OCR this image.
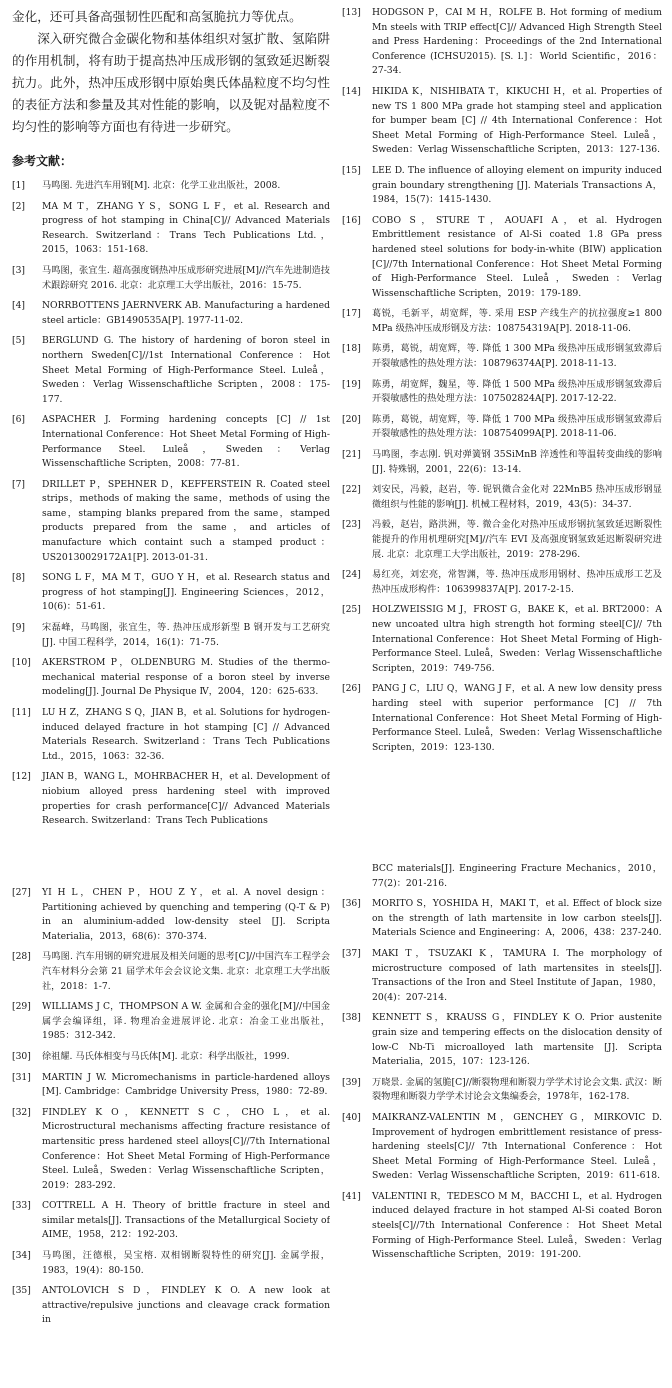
金化，还可具备高强韧性匹配和高氢脆抗力等优点。

深入研究微合金碳化物和基体组织对氢扩散、氢陷阱的作用机制，将有助于提高热冲压成形钢的氢致延迟断裂抗力。此外，热冲压成形钢中原始奥氏体晶粒度不均匀性的表征方法和参量及其对性能的影响，以及铌对晶粒度不均匀性的影响等方面也有待进一步研究。

参考文献：
[1]	马鸣图. 先进汽车用钢[M]. 北京：化学工业出版社，2008.
[2]	MA M T，ZHANG Y S，SONG L F，et al. Research and progress of hot stamping in China[C]// Advanced Materials Research. Switzerland：Trans Tech Publications Ltd.，2015，1063：151-168.
[3]	马鸣图，张宜生. 超高强度钢热冲压成形研究进展[M]//汽车先进制造技术跟踪研究 2016. 北京：北京理工大学出版社，2016：15-75.
[4]	NORRBOTTENS JAERNVERK AB. Manufacturing a hardened steel article：GB1490535A[P]. 1977-11-02.
[5]	BERGLUND G. The history of hardening of boron steel in northern Sweden[C]//1st International Conference：Hot Sheet Metal Forming of High-Performance Steel. Luleå，Sweden：Verlag Wissenschaftliche Scripten，2008：175-177.
[6]	ASPACHER J. Forming hardening concepts [C] // 1st International Conference：Hot Sheet Metal Forming of High-Performance Steel. Luleå，Sweden：Verlag Wissenschaftliche Scripten，2008：77-81.
[7]	DRILLET P，SPEHNER D，KEFFERSTEIN R. Coated steel strips，methods of making the same，methods of using the same，stamping blanks prepared from the same，stamped products prepared from the same，and articles of manufacture which containt such a stamped product：US20130029172A1[P]. 2013-01-31.
[8]	SONG L F，MA M T，GUO Y H，et al. Research status and progress of hot stamping[J]. Engineering Sciences，2012，10(6)：51-61.
[9]	宋磊峰，马鸣图，张宜生，等. 热冲压成形新型 B 钢开发与工艺研究[J]. 中国工程科学，2014，16(1)：71-75.
[10]	AKERSTROM P，OLDENBURG M. Studies of the thermo-mechanical material response of a boron steel by inverse modeling[J]. Journal De Physique Ⅳ，2004，120：625-633.
[11]	LU H Z，ZHANG S Q，JIAN B，et al. Solutions for hydrogen-induced delayed fracture in hot stamping [C] // Advanced Materials Research. Switzerland：Trans Tech Publications Ltd.，2015，1063：32-36.
[12]	JIAN B，WANG L，MOHRBACHER H，et al. Development of niobium alloyed press hardening steel with improved properties for crash performance[C]// Advanced Materials Research. Switzerland：Trans Tech Publications
[13]	HODGSON P，CAI M H，ROLFE B. Hot forming of medium Mn steels with TRIP effect[C]// Advanced High Strength Steel and Press Hardening：Proceedings of the 2nd International Conference (ICHSU2015). [S. l.]：World Scientific，2016：27-34.
[14]	HIKIDA K，NISHIBATA T，KIKUCHI H，et al. Properties of new TS 1 800 MPa grade hot stamping steel and application for bumper beam [C] // 4th International Conference：Hot Sheet Metal Forming of High-Performance Steel. Luleå，Sweden：Verlag Wissenschaftliche Scripten，2013：127-136.
[15]	LEE D. The influence of alloying element on impurity induced grain boundary strengthening [J]. Materials Transactions A，1984，15(7)：1415-1430.
[16]	COBO S，STURE T，AOUAFI A，et al. Hydrogen Embrittlement resistance of Al-Si coated 1.8 GPa press hardened steel solutions for body-in-white (BIW) application [C]//7th International Conference：Hot Sheet Metal Forming of High-Performance Steel. Luleå，Sweden：Verlag Wissenschaftliche Scripten，2019：179-189.
[17]	葛锐，毛新平，胡宽辉，等. 采用 ESP 产线生产的抗拉强度≥1 800 MPa 级热冲压成形钢及方法：108754319A[P]. 2018-11-06.
[18]	陈勇，葛锐，胡宽辉，等. 降低 1 300 MPa 级热冲压成形钢氢致滞后开裂敏感性的热处理方法：108796374A[P]. 2018-11-13.
[19]	陈勇，胡宽辉，魏星，等. 降低 1 500 MPa 级热冲压成形钢氢致滞后开裂敏感性的热处理方法：107502824A[P]. 2017-12-22.
[20]	陈勇，葛锐，胡宽辉，等. 降低 1 700 MPa 级热冲压成形钢氢致滞后开裂敏感性的热处理方法：108754099A[P]. 2018-11-06.
[21]	马鸣图，李志刚. 钒对弹簧钢 35SiMnB 淬透性和等温转变曲线的影响[J]. 特殊钢，2001，22(6)：13-14.
[22]	刘安民，冯毅，赵岩，等. 铌钒微合金化对 22MnB5 热冲压成形钢显微组织与性能的影响[J]. 机械工程材料，2019，43(5)：34-37.
[23]	冯毅，赵岩，路洪洲，等. 微合金化对热冲压成形钢抗氢致延迟断裂性能提升的作用机理研究[M]//汽车 EVI 及高强度钢氢致延迟断裂研究进展. 北京：北京理工大学出版社，2019：278-296.
[24]	易红亮，刘宏亮，常智渊，等. 热冲压成形用钢材、热冲压成形工艺及热冲压成形构件：106399837A[P]. 2017-2-15.
[25]	HOLZWEISSIG M J，FROST G，BAKE K，et al. BRT2000：A new uncoated ultra high strength hot forming steel[C]// 7th International Conference：Hot Sheet Metal Forming of High-Performance Steel. Luleå，Sweden：Verlag Wissenschaftliche Scripten，2019：749-756.
[26]	PANG J C，LIU Q，WANG J F，et al. A new low density press harding steel with superior performance [C] // 7th International Conference：Hot Sheet Metal Forming of High-Performance Steel. Luleå，Sweden：Verlag Wissenschaftliche Scripten，2019：123-130.
[27]	YI H L，CHEN P，HOU Z Y，et al. A novel design：Partitioning achieved by quenching and tempering (Q-T & P) in an aluminium-added low-density steel [J]. Scripta Materialia，2013，68(6)：370-374.
[28]	马鸣图. 汽车用钢的研究进展及相关问题的思考[C]//中国汽车工程学会汽车材料分会第 21 届学术年会会议论文集. 北京：北京理工大学出版社，2018：1-7.
[29]	WILLIAMS J C，THOMPSON A W. 金属和合金的强化[M]//中国金属学会编译组，译. 物理冶金进展评论. 北京：冶金工业出版社，1985：312-342.
[30]	徐祖耀. 马氏体相变与马氏体[M]. 北京：科学出版社，1999.
[31]	MARTIN J W. Micromechanisms in particle-hardened alloys [M]. Cambridge：Cambridge University Press，1980：72-89.
[32]	FINDLEY K O，KENNETT S C，CHO L，et al. Microstructural mechanisms affecting fracture resistance of martensitic press hardened steel alloys[C]//7th International Conference：Hot Sheet Metal Forming of High-Performance Steel. Luleå，Sweden：Verlag Wissenschaftliche Scripten，2019：283-292.
[33]	COTTRELL A H. Theory of brittle fracture in steel and similar metals[J]. Transactions of the Metallurgical Society of AIME，1958，212：192-203.
[34]	马鸣图，汪德根，吴宝榕. 双相钢断裂特性的研究[J]. 金属学报，1983，19(4)：80-150.
[35]	ANTOLOVICH S D，FINDLEY K O. A new look at attractive/repulsive junctions and cleavage crack formation in

BCC materials[J]. Engineering Fracture Mechanics，2010，77(2)：201-216.

[36]	MORITO S，YOSHIDA H，MAKI T，et al. Effect of block size on the strength of lath martensite in low carbon steels[J]. Materials Science and Engineering：A，2006，438：237-240.
[37]	MAKI T，TSUZAKI K，TAMURA I. The morphology of microstructure composed of lath martensites in steels[J]. Transactions of the Iron and Steel Institute of Japan，1980，20(4)：207-214.
[38]	KENNETT S，KRAUSS G，FINDLEY K O. Prior austenite grain size and tempering effects on the dislocation density of low-C Nb-Ti microalloyed lath martensite [J]. Scripta Materialia，2015，107：123-126.
[39]	万晓景. 金属的氢脆[C]//断裂物理和断裂力学学术讨论会文集. 武汉：断裂物理和断裂力学学术讨论会文集编委会，1978年，162-178.
[40]	MAIKRANZ-VALENTIN M，GENCHEY G，MIRKOVIC D. Improvement of hydrogen embrittlement resistance of press-hardening steels[C]// 7th International Conference：Hot Sheet Metal Forming of High-Performance Steel. Luleå，Sweden：Verlag Wissenschaftliche Scripten，2019：611-618.
[41]	VALENTINI R，TEDESCO M M，BACCHI L，et al. Hydrogen induced delayed fracture in hot stamped Al-Si coated Boron steels[C]//7th International Conference：Hot Sheet Metal Forming of High-Performance Steel. Luleå，Sweden：Verlag Wissenschaftliche Scripten，2019：191-200.
